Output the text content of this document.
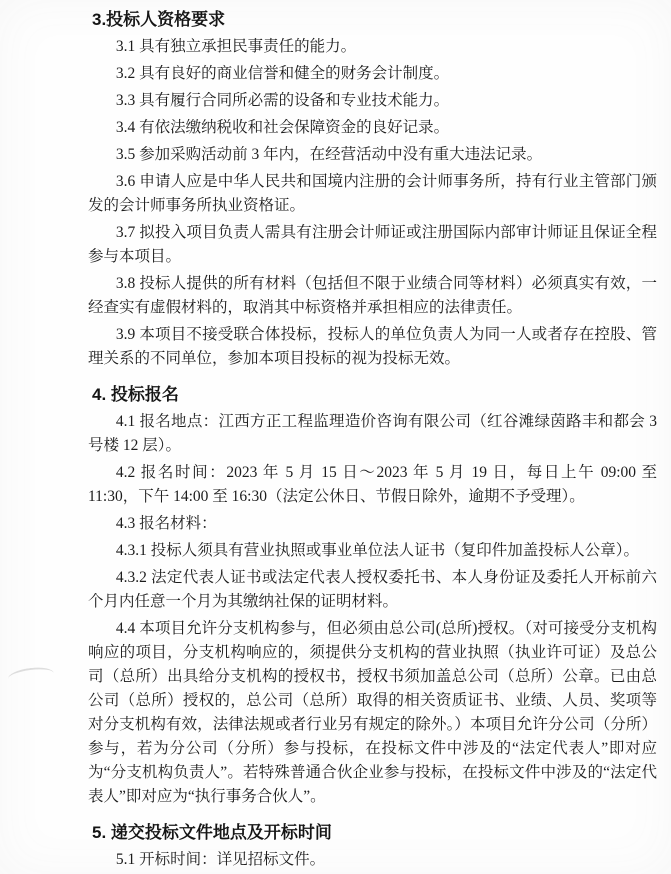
3.投标人资格要求

3.1 具有独立承担民事责任的能力。

3.2 具有良好的商业信誉和健全的财务会计制度。

3.3 具有履行合同所必需的设备和专业技术能力。

3.4 有依法缴纳税收和社会保障资金的良好记录。

3.5 参加采购活动前 3 年内，在经营活动中没有重大违法记录。

3.6 申请人应是中华人民共和国境内注册的会计师事务所，持有行业主管部门颁发的会计师事务所执业资格证。

3.7 拟投入项目负责人需具有注册会计师证或注册国际内部审计师证且保证全程参与本项目。

3.8 投标人提供的所有材料（包括但不限于业绩合同等材料）必须真实有效，一经查实有虚假材料的，取消其中标资格并承担相应的法律责任。

3.9 本项目不接受联合体投标，投标人的单位负责人为同一人或者存在控股、管理关系的不同单位，参加本项目投标的视为投标无效。

4. 投标报名

4.1 报名地点：江西方正工程监理造价咨询有限公司（红谷滩绿茵路丰和都会 3 号楼 12 层）。

4.2 报名时间：2023 年 5 月 15 日～2023 年 5 月 19 日，每日上午 09:00 至 11:30，下午 14:00 至 16:30（法定公休日、节假日除外，逾期不予受理）。

4.3 报名材料：

4.3.1 投标人须具有营业执照或事业单位法人证书（复印件加盖投标人公章）。

4.3.2 法定代表人证书或法定代表人授权委托书、本人身份证及委托人开标前六个月内任意一个月为其缴纳社保的证明材料。

4.4 本项目允许分支机构参与，但必须由总公司(总所)授权。（对可接受分支机构响应的项目，分支机构响应的，须提供分支机构的营业执照（执业许可证）及总公司（总所）出具给分支机构的授权书，授权书须加盖总公司（总所）公章。已由总公司（总所）授权的，总公司（总所）取得的相关资质证书、业绩、人员、奖项等对分支机构有效，法律法规或者行业另有规定的除外。）本项目允许分公司（分所）参与，若为分公司（分所）参与投标，在投标文件中涉及的“法定代表人”即对应为“分支机构负责人”。若特殊普通合伙企业参与投标，在投标文件中涉及的“法定代表人”即对应为“执行事务合伙人”。

5. 递交投标文件地点及开标时间

5.1 开标时间：详见招标文件。
